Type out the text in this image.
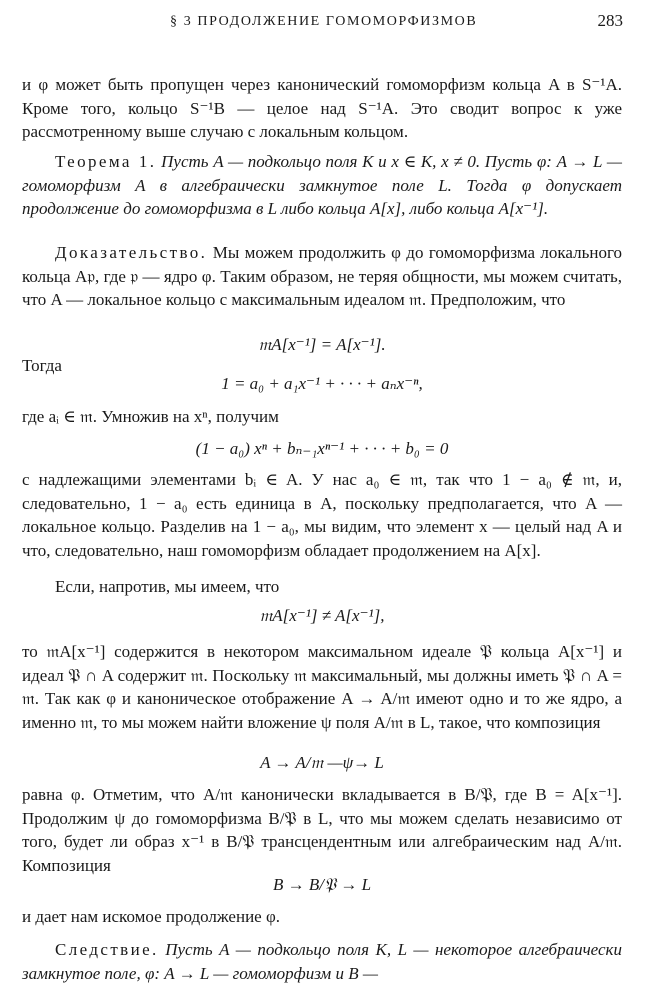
§ 3 ПРОДОЛЖЕНИЕ ГОМОМОРФИЗМОВ	283

и φ может быть пропущен через канонический гомоморфизм кольца A в S⁻¹A. Кроме того, кольцо S⁻¹B — целое над S⁻¹A. Это сводит вопрос к уже рассмотренному выше случаю с локальным кольцом.

Теорема 1. Пусть A — подкольцо поля K и x ∈ K, x ≠ 0. Пусть φ: A → L — гомоморфизм A в алгебраически замкнутое поле L. Тогда φ допускает продолжение до гомоморфизма в L либо кольца A[x], либо кольца A[x⁻¹].

Доказательство. Мы можем продолжить φ до гомоморфизма локального кольца A𝔭, где 𝔭 — ядро φ. Таким образом, не теряя общности, мы можем считать, что A — локальное кольцо с максимальным идеалом 𝔪. Предположим, что

𝔪A[x⁻¹] = A[x⁻¹].

Тогда

1 = a₀ + a₁x⁻¹ + · · · + aₙx⁻ⁿ,

где aᵢ ∈ 𝔪. Умножив на xⁿ, получим

(1 − a₀) xⁿ + bₙ₋₁xⁿ⁻¹ + · · · + b₀ = 0

с надлежащими элементами bᵢ ∈ A. У нас a₀ ∈ 𝔪, так что 1 − a₀ ∉ 𝔪, и, следовательно, 1 − a₀ есть единица в A, поскольку предполагается, что A — локальное кольцо. Разделив на 1 − a₀, мы видим, что элемент x — целый над A и что, следовательно, наш гомоморфизм обладает продолжением на A[x].

Если, напротив, мы имеем, что

𝔪A[x⁻¹] ≠ A[x⁻¹],

то 𝔪A[x⁻¹] содержится в некотором максимальном идеале 𝔓 кольца A[x⁻¹] и идеал 𝔓 ∩ A содержит 𝔪. Поскольку 𝔪 максимальный, мы должны иметь 𝔓 ∩ A = 𝔪. Так как φ и каноническое отображение A → A/𝔪 имеют одно и то же ядро, а именно 𝔪, то мы можем найти вложение ψ поля A/𝔪 в L, такое, что композиция

A → A/𝔪 —ψ→ L

равна φ. Отметим, что A/𝔪 канонически вкладывается в B/𝔓, где B = A[x⁻¹]. Продолжим ψ до гомоморфизма B/𝔓 в L, что мы можем сделать независимо от того, будет ли образ x⁻¹ в B/𝔓 трансцендентным или алгебраическим над A/𝔪. Композиция

B → B/𝔓 → L

и дает нам искомое продолжение φ.

Следствие. Пусть A — подкольцо поля K, L — некоторое алгебраически замкнутое поле, φ: A → L — гомоморфизм и B —
